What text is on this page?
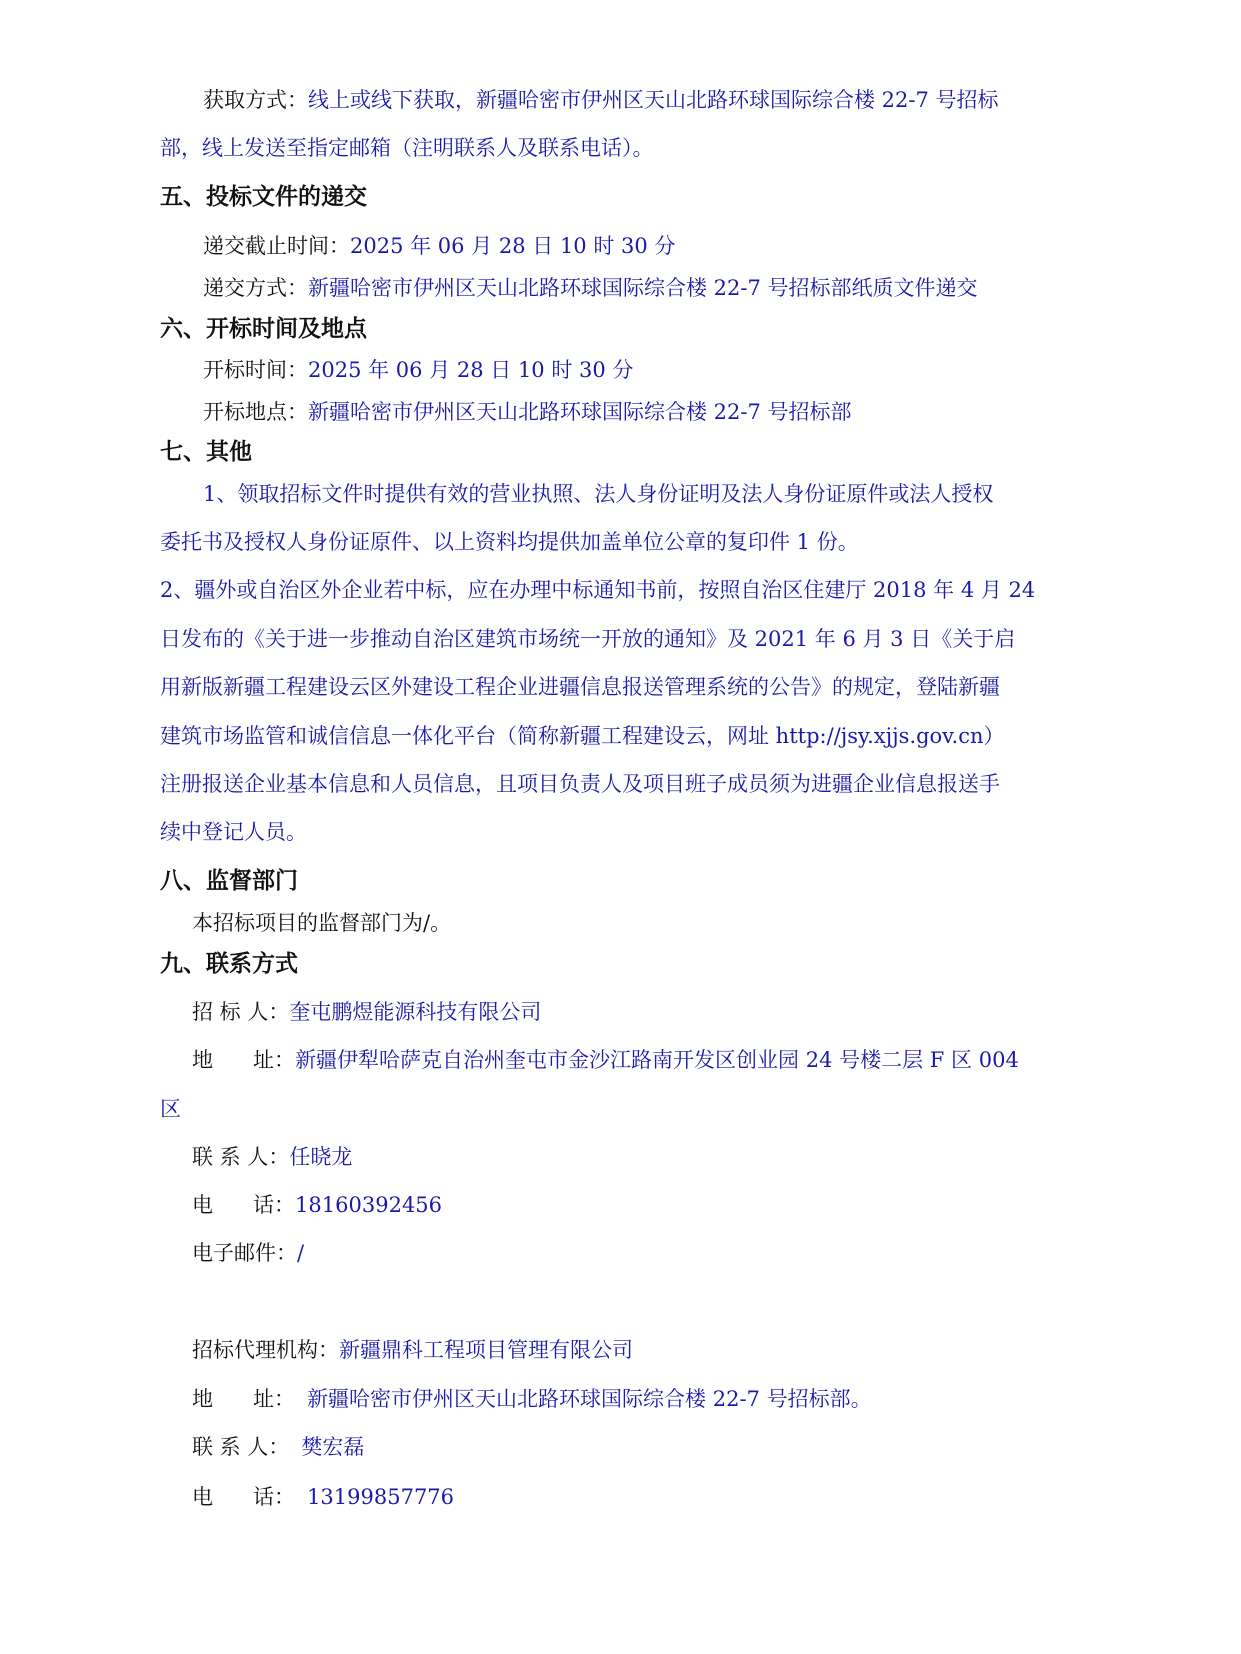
获取方式：线上或线下获取，新疆哈密市伊州区天山北路环球国际综合楼 22-7 号招标
部，线上发送至指定邮箱（注明联系人及联系电话）。
五、投标文件的递交
递交截止时间：2025 年 06 月 28 日 10 时 30 分
递交方式：新疆哈密市伊州区天山北路环球国际综合楼 22-7 号招标部纸质文件递交
六、开标时间及地点
开标时间：2025 年 06 月 28 日 10 时 30 分
开标地点：新疆哈密市伊州区天山北路环球国际综合楼 22-7 号招标部
七、其他
1、领取招标文件时提供有效的营业执照、法人身份证明及法人身份证原件或法人授权
委托书及授权人身份证原件、以上资料均提供加盖单位公章的复印件 1 份。
2、疆外或自治区外企业若中标，应在办理中标通知书前，按照自治区住建厅 2018 年 4 月 24
日发布的《关于进一步推动自治区建筑市场统一开放的通知》及 2021 年 6 月 3 日《关于启
用新版新疆工程建设云区外建设工程企业进疆信息报送管理系统的公告》的规定，登陆新疆
建筑市场监管和诚信信息一体化平台（简称新疆工程建设云，网址 http://jsy.xjjs.gov.cn）
注册报送企业基本信息和人员信息，且项目负责人及项目班子成员须为进疆企业信息报送手
续中登记人员。
八、监督部门
本招标项目的监督部门为/。
九、联系方式
招 标 人：奎屯鹏煜能源科技有限公司
地      址：新疆伊犁哈萨克自治州奎屯市金沙江路南开发区创业园 24 号楼二层 F 区 004
区
联 系 人：任晓龙
电      话：18160392456
电子邮件：/
招标代理机构：新疆鼎科工程项目管理有限公司
地      址： 新疆哈密市伊州区天山北路环球国际综合楼 22-7 号招标部。
联 系 人： 樊宏磊
电      话： 13199857776
